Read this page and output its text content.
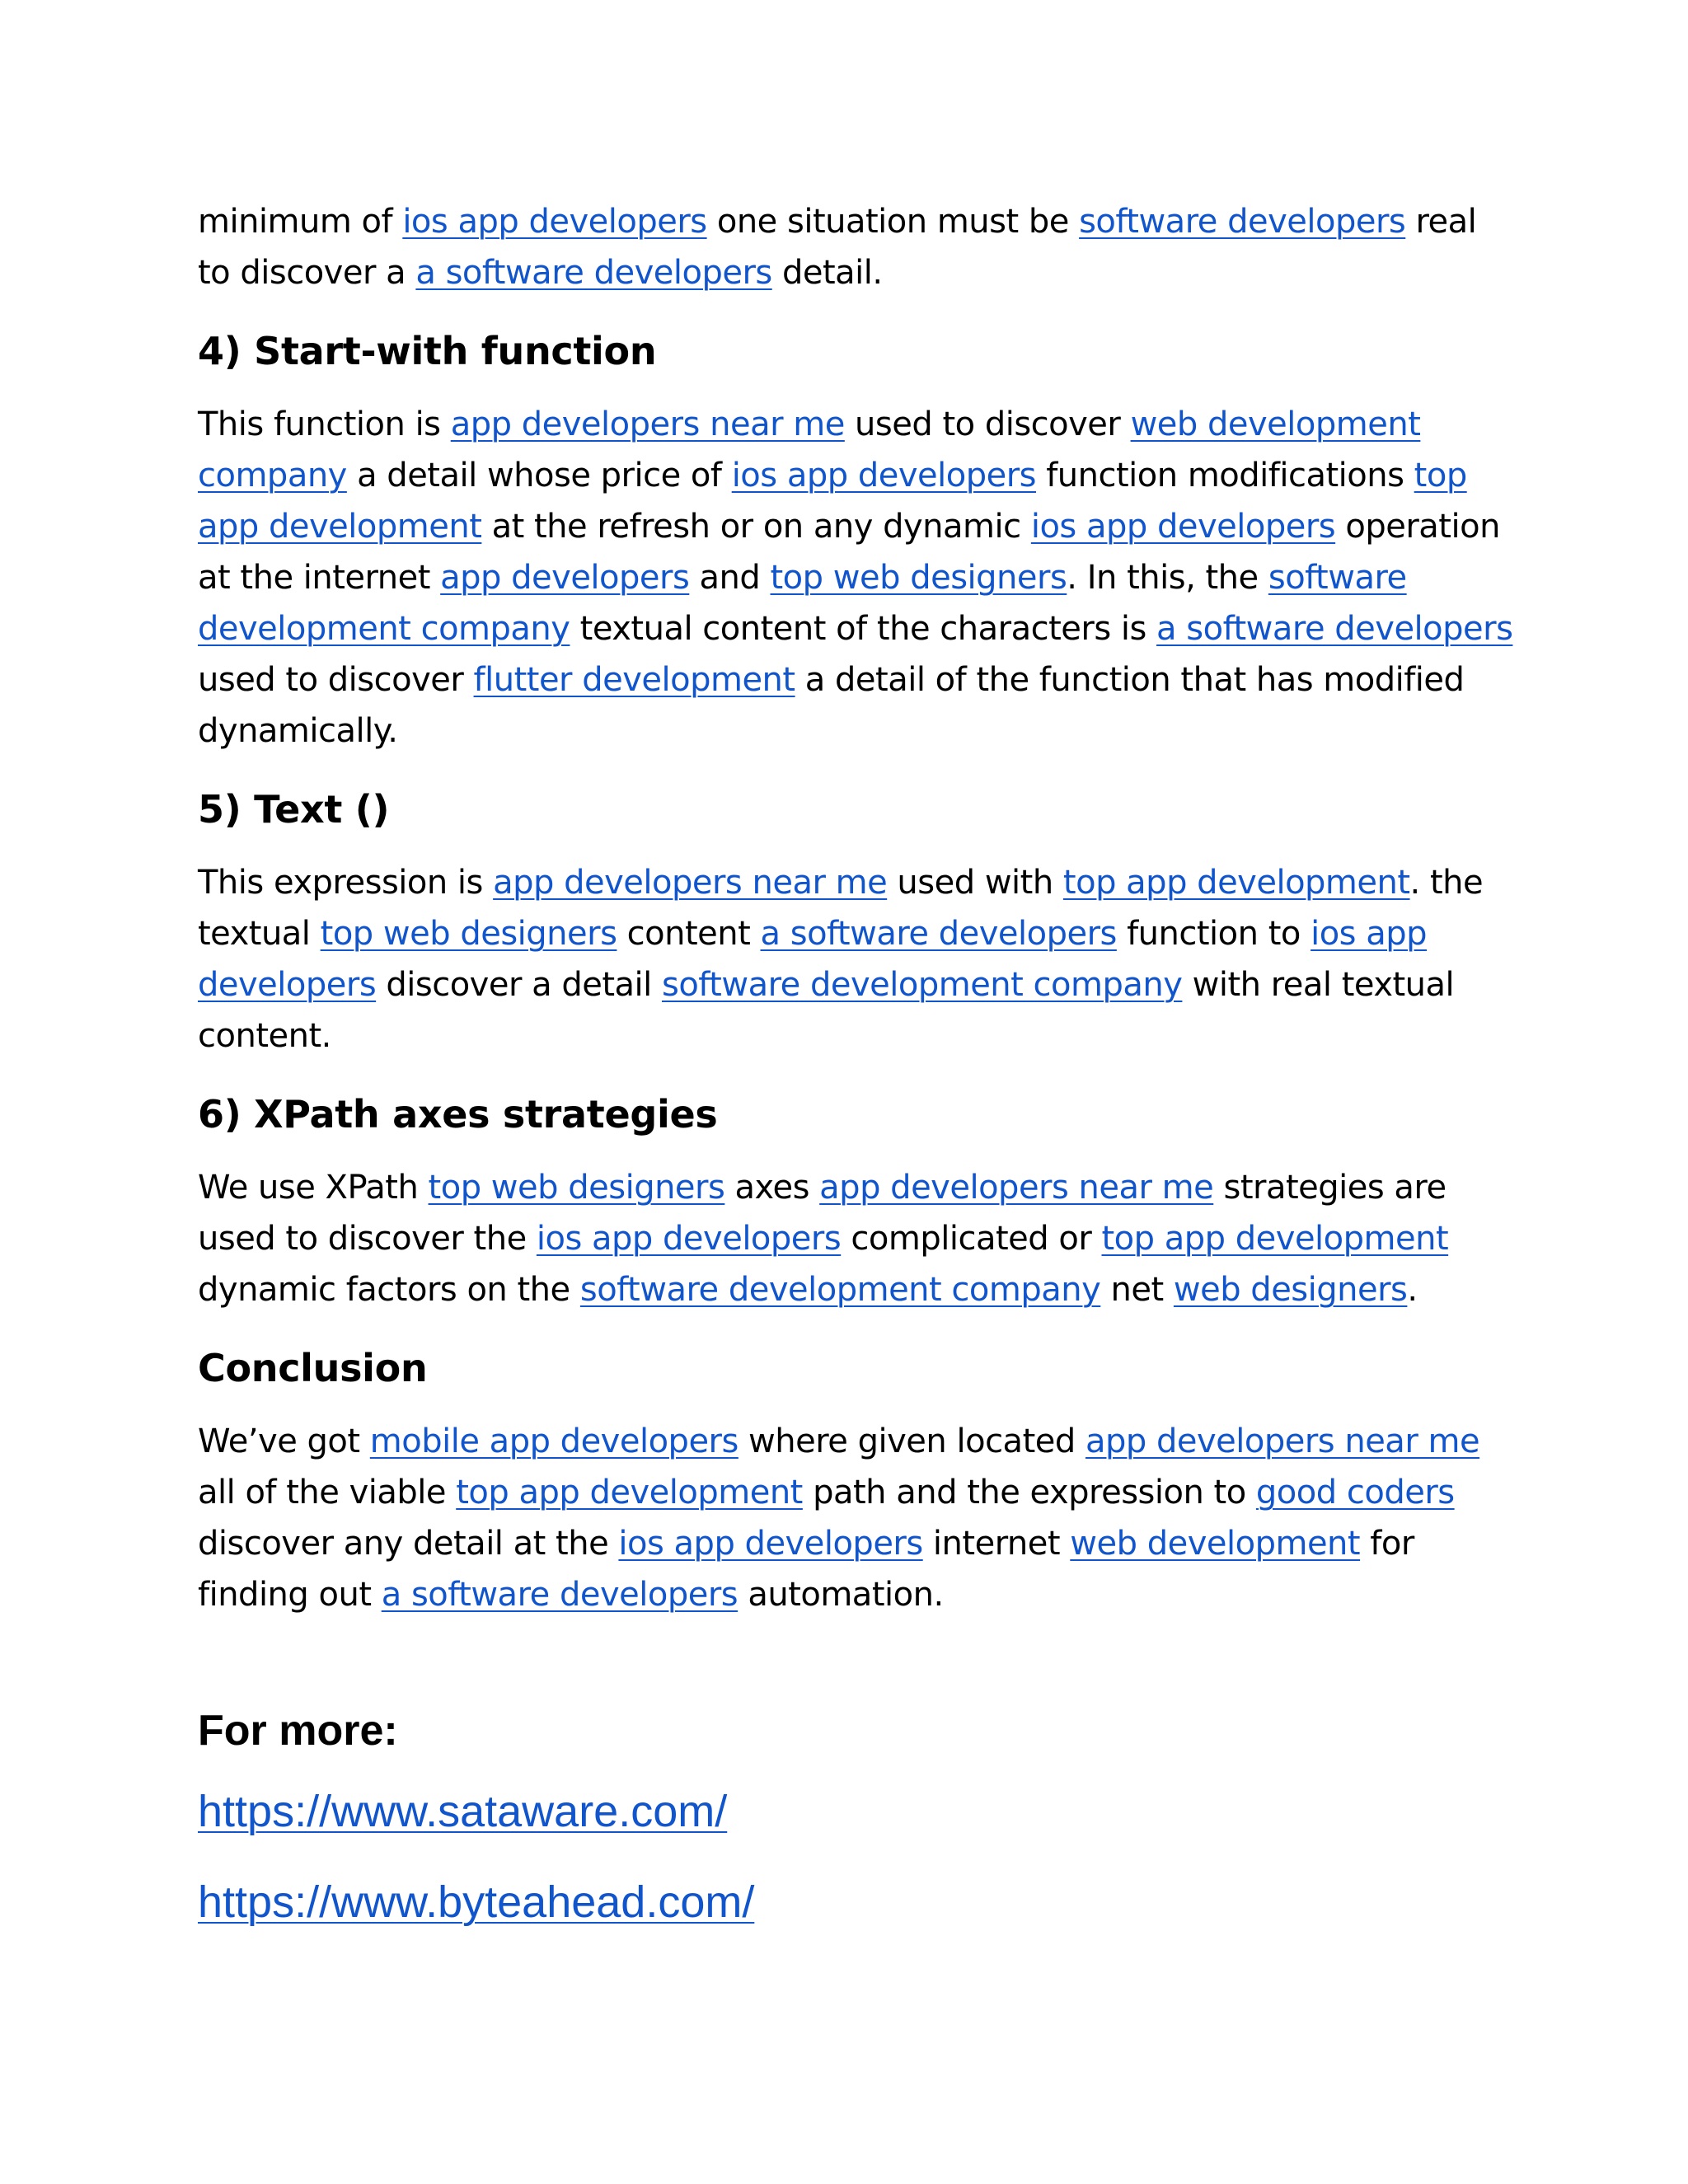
minimum of ios app developers one situation must be software developers real to discover a a software developers detail.

4) Start-with function

This function is app developers near me used to discover web development company a detail whose price of ios app developers function modifications top app development at the refresh or on any dynamic ios app developers operation at the internet app developers and top web designers. In this, the software development company textual content of the characters is a software developers used to discover flutter development a detail of the function that has modified dynamically.

5) Text ()

This expression is app developers near me used with top app development. the textual top web designers content a software developers function to ios app developers discover a detail software development company with real textual content.

6) XPath axes strategies

We use XPath top web designers axes app developers near me strategies are used to discover the ios app developers complicated or top app development dynamic factors on the software development company net web designers.

Conclusion

We’ve got mobile app developers where given located app developers near me all of the viable top app development path and the expression to good coders discover any detail at the ios app developers internet web development for finding out a software developers automation.

For more:
https://www.sataware.com/
https://www.byteahead.com/
